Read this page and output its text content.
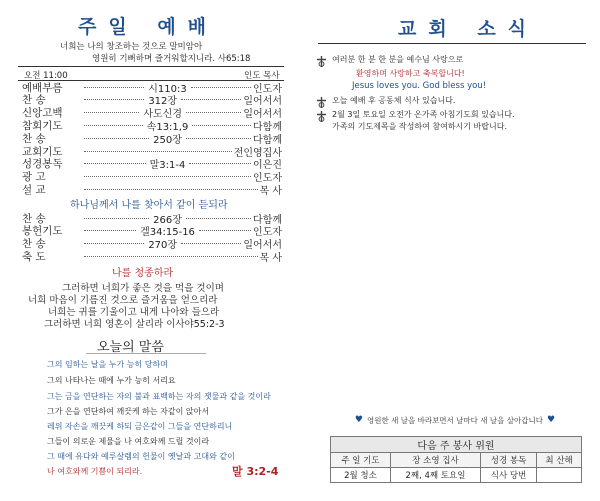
주일 예배
너희는 나의 창조하는 것으로 말미암아
영원히 기뻐하며 즐거워할지니라. 사65:18
오전 11:00	인도 목사
예배부름	시110:3	인도자
찬 송	312장	일어서서
신앙고백	사도신경	일어서서
참회기도	속13:1,9	다함께
찬 송	250장	다함께
교회기도	전인영집사
성경봉독	말3:1-4	이은진
광 고	인도자
설 교	목 사
하나님께서 나를 찾아서 같이 듣되라
찬 송	266장	다함께
봉헌기도	겔34:15-16	인도자
찬 송	270장	일어서서
축 도	목 사
나를 청종하라
그러하면 너희가 좋은 것을 먹을 것이며
너희 마음이 기름진 것으로 즐거움을 얻으리라
너희는 귀를 기울이고 내게 나아와 들으라
그러하면 너희 영혼이 살리라 이사야55:2-3
오늘의 말씀
그의 임하는 날을 누가 능히 당하며
그의 나타나는 때에 누가 능히 서리요
그는 금을 연단하는 자의 불과 표백하는 자의 잿물과 같을 것이라
그가 은을 연단하여 깨끗케 하는 자같이 앉아서
레위 자손을 깨끗케 하되 금은같이 그들을 연단하리니
그들이 의로운 제물을 나 여호와께 드릴 것이라
그 때에 유다와 예루살렘의 헌물이 옛날과 고대와 같이
나 여호와께 기쁨이 되리라.	말 3:2-4
교회 소식
여러분 한 분 한 분을 예수님 사랑으로
환영하며 사랑하고 축복합니다!
Jesus loves you. God bless you!
오늘 예배 후 공동체 식사 있습니다.
2월 3일 토요일 오전가 온가족 아침기도회 있습니다.
가족의 기도제목을 작성하여 참여하시기 바랍니다.
♥ 영원한 새 날을 바라보면서 날마다 새 날을 살아갑니다 ♥
다음 주 봉사 위원			
주 일 기도	장 소영 집사	성경 봉독	최 산해
2월 청소	2째, 4째 토요일	식사 당번	
